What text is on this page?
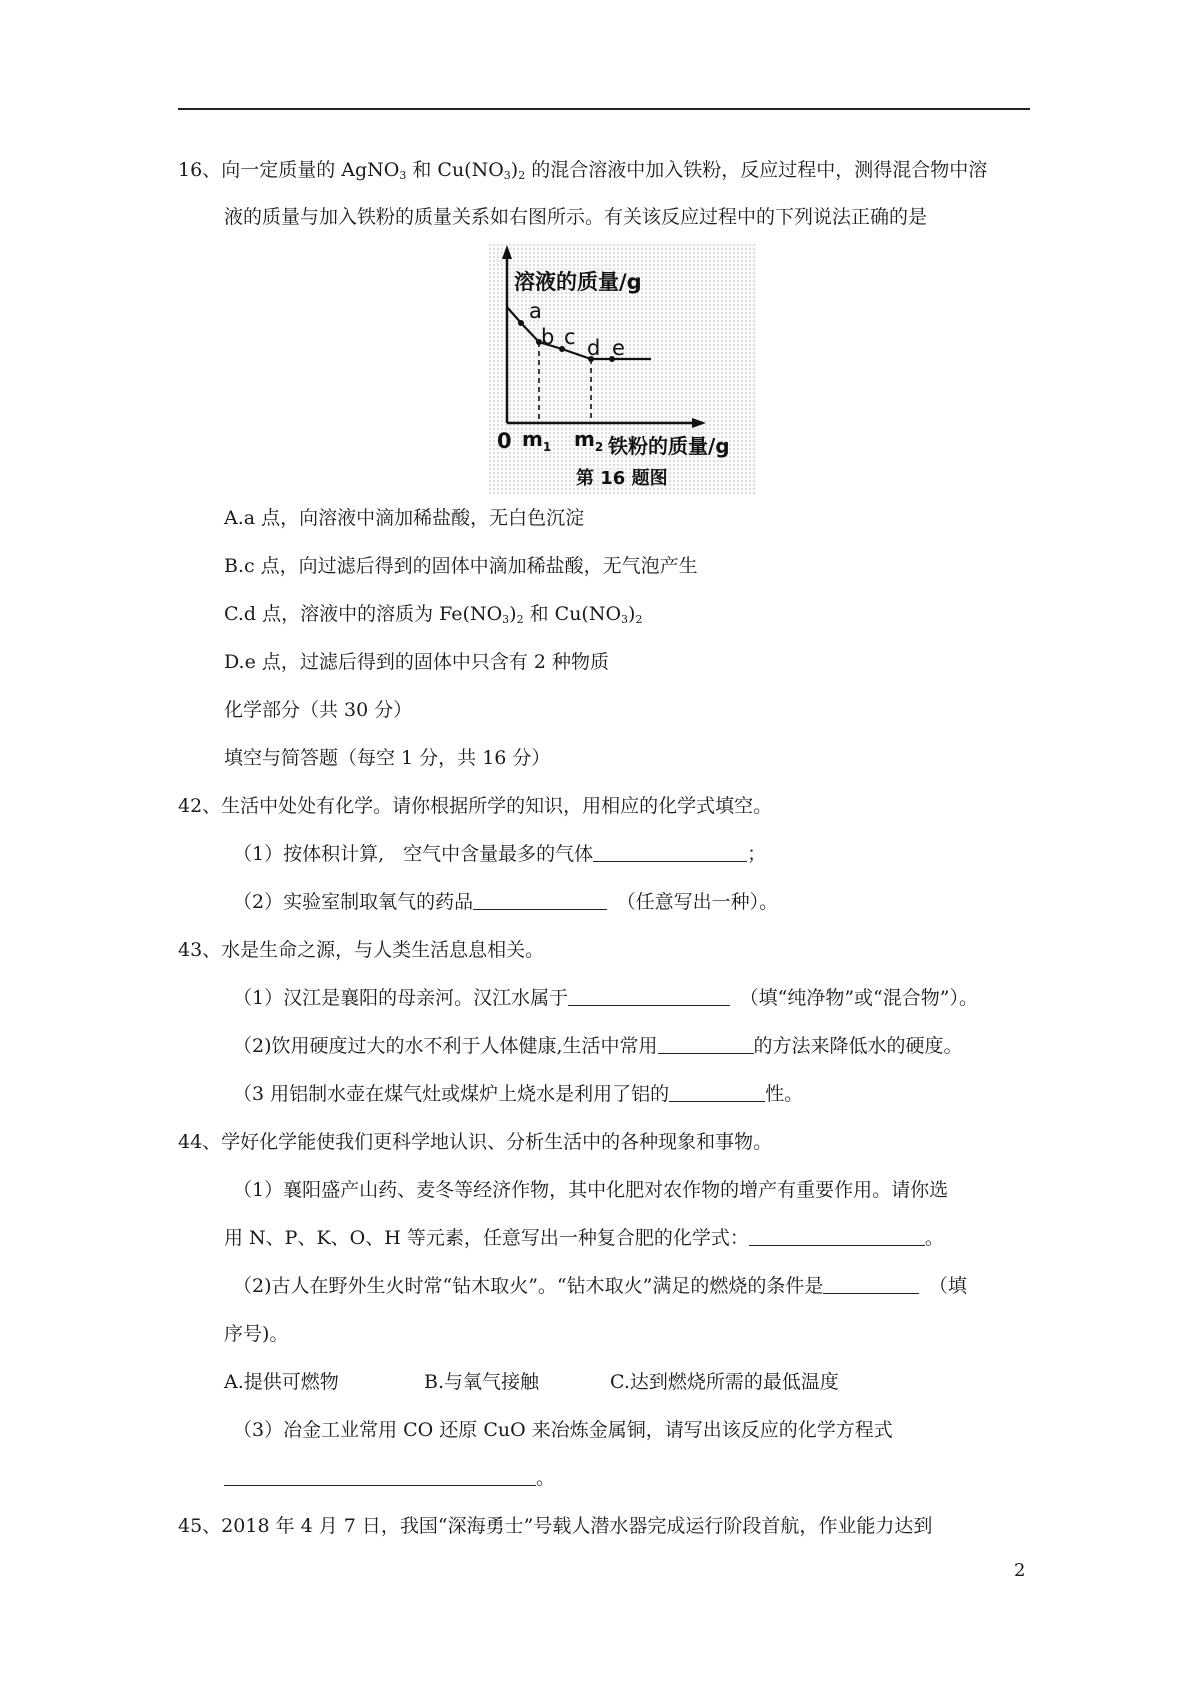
16、向一定质量的 AgNO$_3$ 和 $Cu(NO_3)_2$ 的混合溶液中加入铁粉，反应过程中，测得混合物中溶
液的质量与加入铁粉的质量关系如右图所示。有关该反应过程中的下列说法正确的是
溶液的质量/g
a
b c d e
0 $m_1$ $m_2$ 铁粉的质量/g
第 16 题图
A.a 点，向溶液中滴加稀盐酸，无白色沉淀
B.c 点，向过滤后得到的固体中滴加稀盐酸，无气泡产生
C.d 点，溶液中的溶质为 $Fe(NO_3)_2$ 和 $Cu(NO_3)_2$
D.e 点，过滤后得到的固体中只含有 2 种物质
化学部分（共 30 分）
填空与简答题（每空 1 分，共 16 分）
42、生活中处处有化学。请你根据所学的知识，用相应的化学式填空。
（1）按体积计算,　空气中含量最多的气体	；
（2）实验室制取氧气的药品　	（任意写出一种）。
43、水是生命之源，与人类生活息息相关。
（1）汉江是襄阳的母亲河。汉江水属于　	（填“纯净物”或“混合物”）。
（2)饮用硬度过大的水不利于人体健康,生活中常用	的方法来降低水的硬度。
（3 用铝制水壶在煤气灶或煤炉上烧水是利用了铝的	性。
44、学好化学能使我们更科学地认识、分析生活中的各种现象和事物。
（1）襄阳盛产山药、麦冬等经济作物，其中化肥对农作物的增产有重要作用。请你选
用 N、P、K、O、H 等元素，任意写出一种复合肥的化学式：	。
（2)古人在野外生火时常“钻木取火”。“钻木取火”满足的燃烧的条件是　	（填
序号)。
A.提供可燃物	B.与氧气接触	C.达到燃烧所需的最低温度
（3）冶金工业常用 CO 还原 CuO 来冶炼金属铜，请写出该反应的化学方程式
。
45、2018 年 4 月 7 日，我国“深海勇士”号载人潜水器完成运行阶段首航，作业能力达到
2
